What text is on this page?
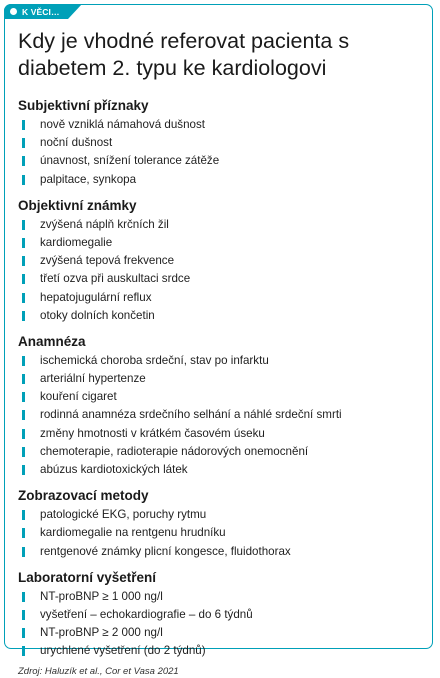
K VĚCI…
Kdy je vhodné referovat pacienta s diabetem 2. typu ke kardiologovi
Subjektivní příznaky
nově vzniklá námahová dušnost
noční dušnost
únavnost, snížení tolerance zátěže
palpitace, synkopa
Objektivní známky
zvýšená náplň krčních žil
kardiomegalie
zvýšená tepová frekvence
třetí ozva při auskultaci srdce
hepatojugulární reflux
otoky dolních končetin
Anamnéza
ischemická choroba srdeční, stav po infarktu
arteriální hypertenze
kouření cigaret
rodinná anamnéza srdečního selhání a náhlé srdeční smrti
změny hmotnosti v krátkém časovém úseku
chemoterapie, radioterapie nádorových onemocnění
abúzus kardiotoxických látek
Zobrazovací metody
patologické EKG, poruchy rytmu
kardiomegalie na rentgenu hrudníku
rentgenové známky plicní kongesce, fluidothorax
Laboratorní vyšetření
NT-proBNP ≥ 1 000 ng/l
vyšetření – echokardiografie – do 6 týdnů
NT-proBNP ≥ 2 000 ng/l
urychlené vyšetření (do 2 týdnů)
Zdroj: Haluzík et al., Cor et Vasa 2021
